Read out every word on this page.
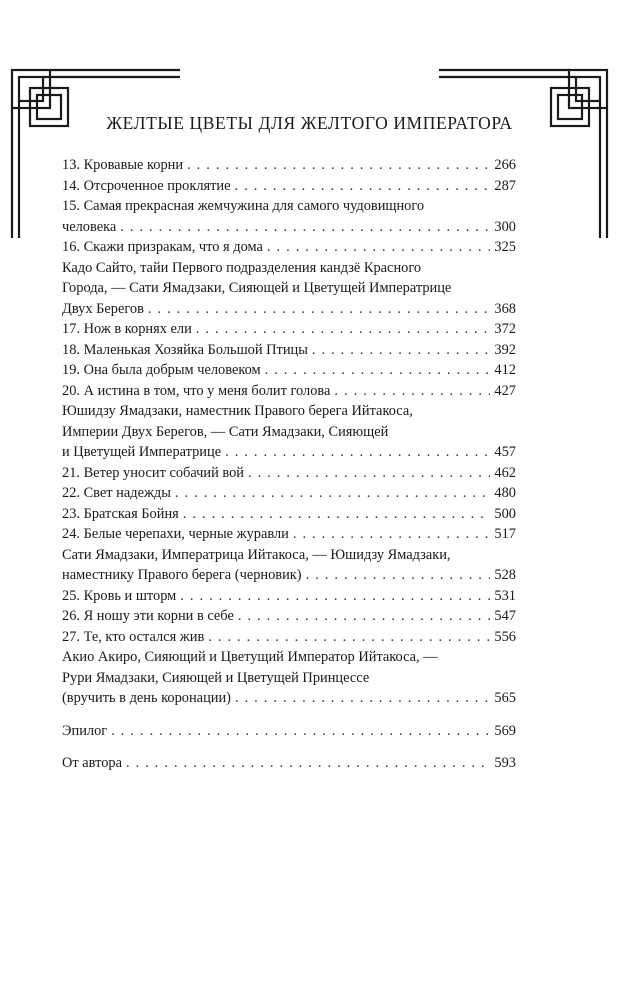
ЖЕЛТЫЕ ЦВЕТЫ ДЛЯ ЖЕЛТОГО ИМПЕРАТОРА
13. Кровавые корни . . .	266
14. Отсроченное проклятие . . .	287
15. Самая прекрасная жемчужина для самого чудовищного
человека . . .	300
16. Скажи призракам, что я дома . . .	325
Кадо Сайто, тайи Первого подразделения кандзё Красного
Города, — Сати Ямадзаки, Сияющей и Цветущей Императрице
Двух Берегов . . .	368
17. Нож в корнях ели . . .	372
18. Маленькая Хозяйка Большой Птицы . . .	392
19. Она была добрым человеком . . .	412
20. А истина в том, что у меня болит голова . . .	427
Юшидзу Ямадзаки, наместник Правого берега Ийтакоса,
Империи Двух Берегов, — Сати Ямадзаки, Сияющей
и Цветущей Императрице . . .	457
21. Ветер уносит собачий вой . . .	462
22. Свет надежды . . .	480
23. Братская Бойня . . .	500
24. Белые черепахи, черные журавли . . .	517
Сати Ямадзаки, Императрица Ийтакоса, — Юшидзу Ямадзаки,
наместнику Правого берега (черновик) . . .	528
25. Кровь и шторм . . .	531
26. Я ношу эти корни в себе . . .	547
27. Те, кто остался жив . . .	556
Акио Акиро, Сияющий и Цветущий Император Ийтакоса, —
Рури Ямадзаки, Сияющей и Цветущей Принцессе
(вручить в день коронации) . . .	565
Эпилог . . .	569
От автора . . .	593
